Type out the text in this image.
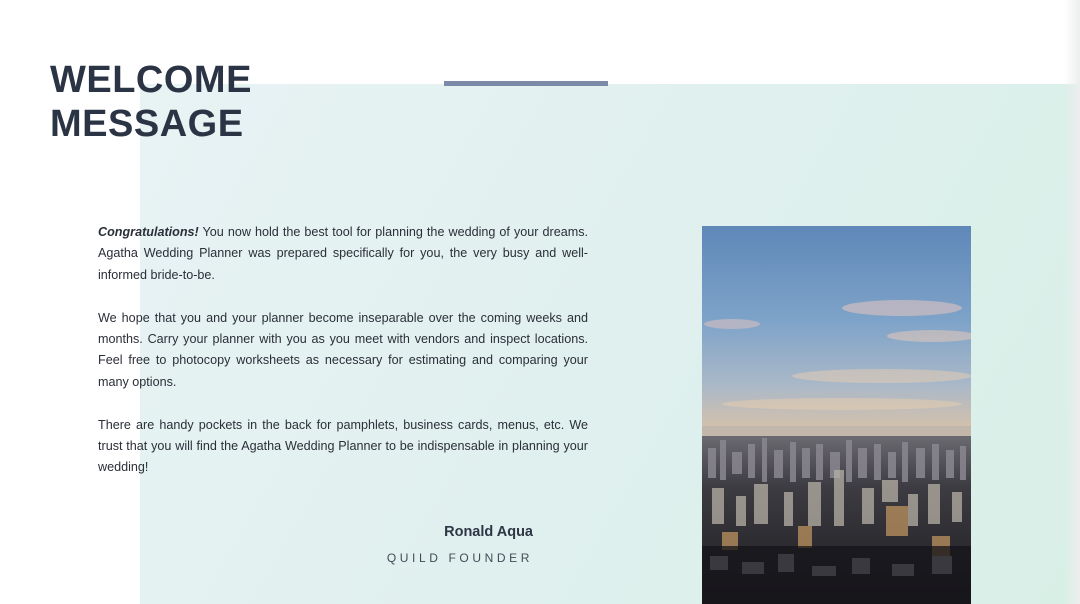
WELCOME
MESSAGE

Congratulations! You now hold the best tool for planning the wedding of your dreams. Agatha Wedding Planner was prepared specifically for you, the very busy and well-informed bride-to-be.

We hope that you and your planner become inseparable over the coming weeks and months. Carry your planner with you as you meet with vendors and inspect locations. Feel free to photocopy worksheets as necessary for estimating and comparing your many options.

There are handy pockets in the back for pamphlets, business cards, menus, etc. We trust that you will find the Agatha Wedding Planner to be indispensable in planning your wedding!

Ronald Aqua
QUILD FOUNDER
